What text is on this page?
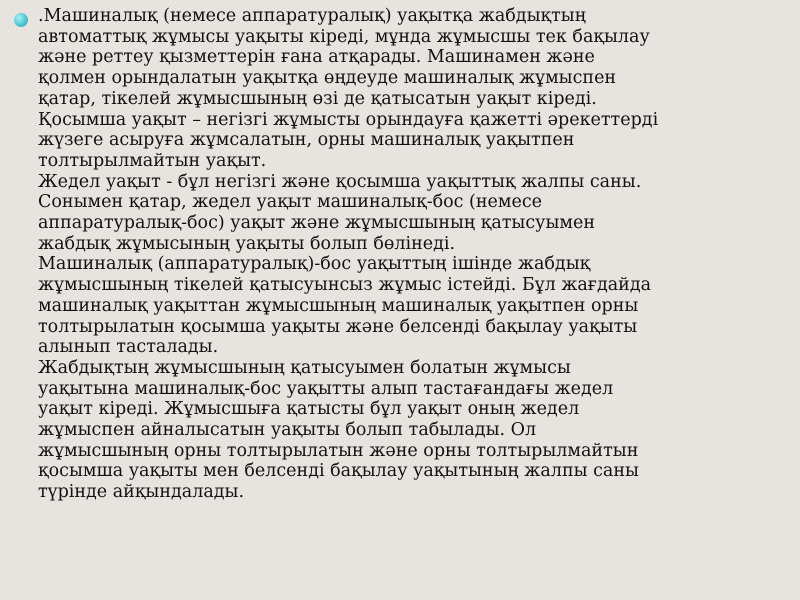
.Машиналық (немесе аппаратуралық) уақытқа жабдықтың
автоматтық жұмысы уақыты кіреді, мұнда жұмысшы тек бақылау
және реттеу қызметтерін ғана атқарады. Машинамен және
қолмен орындалатын уақытқа өңдеуде машиналық жұмыспен
қатар, тікелей жұмысшының өзі де қатысатын уақыт кіреді.
Қосымша уақыт – негізгі жұмысты орындауға қажетті әрекеттерді
жүзеге асыруға жұмсалатын, орны машиналық уақытпен
толтырылмайтын уақыт.
Жедел уақыт - бұл негізгі және қосымша уақыттық жалпы саны.
Сонымен қатар, жедел уақыт машиналық-бос (немесе
аппаратуралық-бос) уақыт және жұмысшының қатысуымен
жабдық жұмысының уақыты болып бөлінеді.
Машиналық (аппаратуралық)-бос уақыттың ішінде жабдық
жұмысшының тікелей қатысуынсыз жұмыс істейді. Бұл жағдайда
машиналық уақыттан жұмысшының машиналық уақытпен орны
толтырылатын қосымша уақыты және белсенді бақылау уақыты
алынып тасталады.
Жабдықтың жұмысшының қатысуымен болатын жұмысы
уақытына машиналық-бос уақытты алып тастағандағы жедел
уақыт кіреді. Жұмысшыға қатысты бұл уақыт оның жедел
жұмыспен айналысатын уақыты болып табылады. Ол
жұмысшының орны толтырылатын және орны толтырылмайтын
қосымша уақыты мен белсенді бақылау уақытының жалпы саны
түрінде айқындалады.
